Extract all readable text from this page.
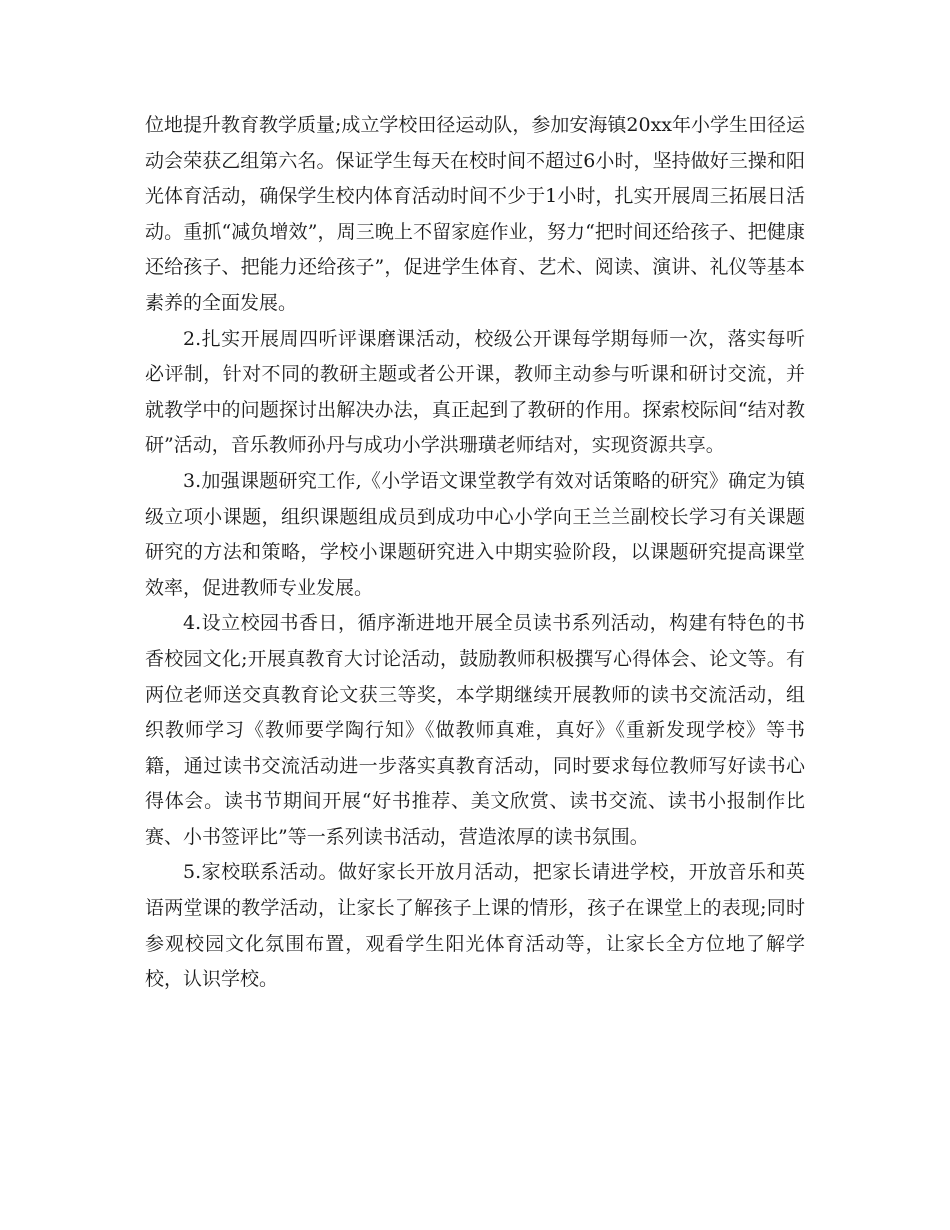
位地提升教育教学质量;成立学校田径运动队，参加安海镇20xx年小学生田径运动会荣获乙组第六名。保证学生每天在校时间不超过6小时，坚持做好三操和阳光体育活动，确保学生校内体育活动时间不少于1小时，扎实开展周三拓展日活动。重抓“减负增效”，周三晚上不留家庭作业，努力“把时间还给孩子、把健康还给孩子、把能力还给孩子”，促进学生体育、艺术、阅读、演讲、礼仪等基本素养的全面发展。

2.扎实开展周四听评课磨课活动，校级公开课每学期每师一次，落实每听必评制，针对不同的教研主题或者公开课，教师主动参与听课和研讨交流，并就教学中的问题探讨出解决办法，真正起到了教研的作用。探索校际间“结对教研”活动，音乐教师孙丹与成功小学洪珊璜老师结对，实现资源共享。

3.加强课题研究工作,《小学语文课堂教学有效对话策略的研究》确定为镇级立项小课题，组织课题组成员到成功中心小学向王兰兰副校长学习有关课题研究的方法和策略，学校小课题研究进入中期实验阶段，以课题研究提高课堂效率，促进教师专业发展。

4.设立校园书香日，循序渐进地开展全员读书系列活动，构建有特色的书香校园文化;开展真教育大讨论活动，鼓励教师积极撰写心得体会、论文等。有两位老师送交真教育论文获三等奖，本学期继续开展教师的读书交流活动，组织教师学习《教师要学陶行知》《做教师真难，真好》《重新发现学校》等书籍，通过读书交流活动进一步落实真教育活动，同时要求每位教师写好读书心得体会。读书节期间开展“好书推荐、美文欣赏、读书交流、读书小报制作比赛、小书签评比”等一系列读书活动，营造浓厚的读书氛围。

5.家校联系活动。做好家长开放月活动，把家长请进学校，开放音乐和英语两堂课的教学活动，让家长了解孩子上课的情形，孩子在课堂上的表现;同时参观校园文化氛围布置，观看学生阳光体育活动等，让家长全方位地了解学校，认识学校。
